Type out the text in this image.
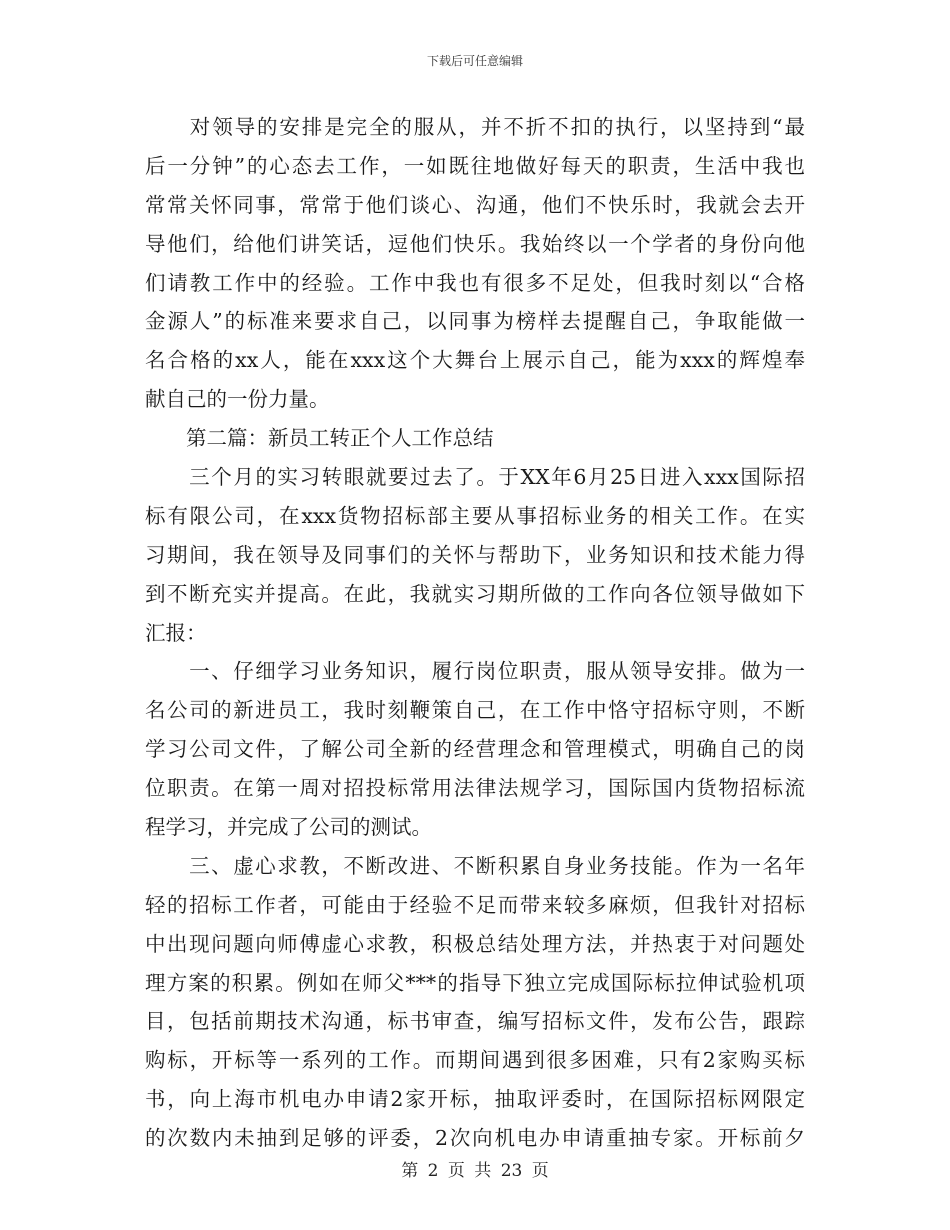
下载后可任意编辑
　　对领导的安排是完全的服从，并不折不扣的执行，以坚持到“最
后一分钟”的心态去工作，一如既往地做好每天的职责，生活中我也
常常关怀同事，常常于他们谈心、沟通，他们不快乐时，我就会去开
导他们，给他们讲笑话，逗他们快乐。我始终以一个学者的身份向他
们请教工作中的经验。工作中我也有很多不足处，但我时刻以“合格
金源人”的标准来要求自己，以同事为榜样去提醒自己，争取能做一
名合格的xx人，能在xxx这个大舞台上展示自己，能为xxx的辉煌奉
献自己的一份力量。
　　第二篇：新员工转正个人工作总结
　　三个月的实习转眼就要过去了。于XX年6月25日进入xxx国际招
标有限公司，在xxx货物招标部主要从事招标业务的相关工作。在实
习期间，我在领导及同事们的关怀与帮助下，业务知识和技术能力得
到不断充实并提高。在此，我就实习期所做的工作向各位领导做如下
汇报：
　　一、仔细学习业务知识，履行岗位职责，服从领导安排。做为一
名公司的新进员工，我时刻鞭策自己，在工作中恪守招标守则，不断
学习公司文件，了解公司全新的经营理念和管理模式，明确自己的岗
位职责。在第一周对招投标常用法律法规学习，国际国内货物招标流
程学习，并完成了公司的测试。
　　三、虚心求教，不断改进、不断积累自身业务技能。作为一名年
轻的招标工作者，可能由于经验不足而带来较多麻烦，但我针对招标
中出现问题向师傅虚心求教，积极总结处理方法，并热衷于对问题处
理方案的积累。例如在师父***的指导下独立完成国际标拉伸试验机项
目，包括前期技术沟通，标书审查，编写招标文件，发布公告，跟踪
购标，开标等一系列的工作。而期间遇到很多困难，只有2家购买标
书，向上海市机电办申请2家开标，抽取评委时，在国际招标网限定
的次数内未抽到足够的评委，2次向机电办申请重抽专家。开标前夕
第 2 页 共 23 页
